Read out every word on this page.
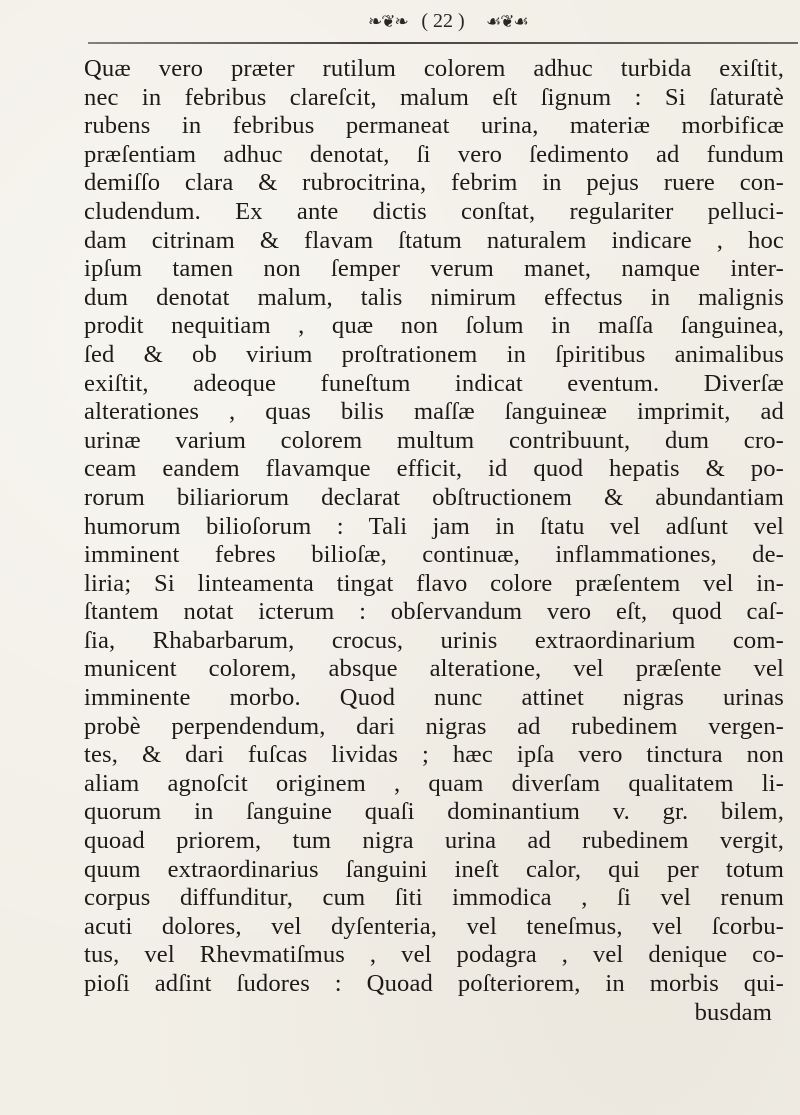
❧❦❧ ( 22 )	☙❦☙
Quæ vero præter rutilum colorem adhuc turbida exiſtit,
nec in febribus clareſcit, malum eſt ſignum : Si ſaturatè
rubens in febribus permaneat urina, materiæ morbificæ
præſentiam adhuc denotat, ſi vero ſedimento ad fundum
demiſſo clara & rubrocitrina, febrim in pejus ruere con-
cludendum. Ex ante dictis conſtat, regulariter pelluci-
dam citrinam & flavam ſtatum naturalem indicare , hoc
ipſum tamen non ſemper verum manet, namque inter-
dum denotat malum, talis nimirum effectus in malignis
prodit nequitiam , quæ non ſolum in maſſa ſanguinea,
ſed & ob virium proſtrationem in ſpiritibus animalibus
exiſtit, adeoque funeſtum indicat eventum. Diverſæ
alterationes , quas bilis maſſæ ſanguineæ imprimit, ad
urinæ varium colorem multum contribuunt, dum cro-
ceam eandem flavamque efficit, id quod hepatis & po-
rorum biliariorum declarat obſtructionem & abundantiam
humorum bilioſorum : Tali jam in ſtatu vel adſunt vel
imminent febres bilioſæ, continuæ, inflammationes, de-
liria; Si linteamenta tingat flavo colore præſentem vel in-
ſtantem notat icterum : obſervandum vero eſt, quod caſ-
ſia, Rhabarbarum, crocus, urinis extraordinarium com-
municent colorem, absque alteratione, vel præſente vel
imminente morbo. Quod nunc attinet nigras urinas
probè perpendendum, dari nigras ad rubedinem vergen-
tes, & dari fuſcas lividas ; hæc ipſa vero tinctura non
aliam agnoſcit originem , quam diverſam qualitatem li-
quorum in ſanguine quaſi dominantium v. gr. bilem,
quoad priorem, tum nigra urina ad rubedinem vergit,
quum extraordinarius ſanguini ineſt calor, qui per totum
corpus diffunditur, cum ſiti immodica , ſi vel renum
acuti dolores, vel dyſenteria, vel teneſmus, vel ſcorbu-
tus, vel Rhevmatiſmus , vel podagra , vel denique co-
pioſi adſint ſudores : Quoad poſteriorem, in morbis qui-
busdam
